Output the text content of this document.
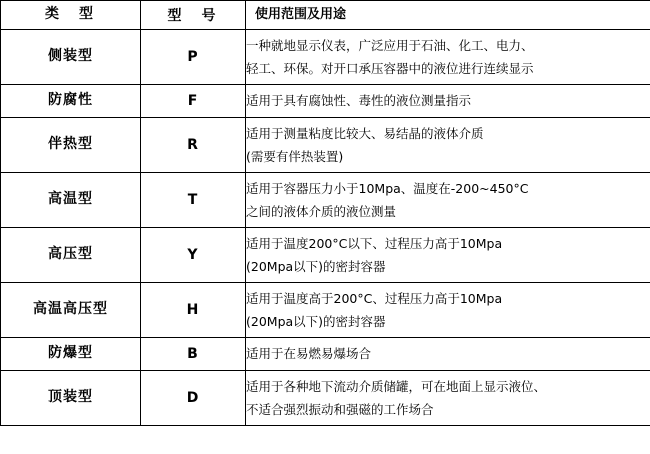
类　型	型　号	使用范围及用途
侧装型	P	一种就地显示仪表，广泛应用于石油、化工、电力、
轻工、环保。对开口承压容器中的液位进行连续显示

防腐性	F	适用于具有腐蚀性、毒性的液位测量指示

伴热型	R	适用于测量粘度比较大、易结晶的液体介质
(需要有伴热装置)

高温型	T	适用于容器压力小于10Mpa、温度在-200~450°C
之间的液体介质的液位测量

高压型	Y	适用于温度200°C以下、过程压力高于10Mpa
(20Mpa以下)的密封容器

高温高压型	H	适用于温度高于200°C、过程压力高于10Mpa
(20Mpa以下)的密封容器

防爆型	B	适用于在易燃易爆场合

顶装型	D	适用于各种地下流动介质储罐，可在地面上显示液位、
不适合强烈振动和强磁的工作场合
